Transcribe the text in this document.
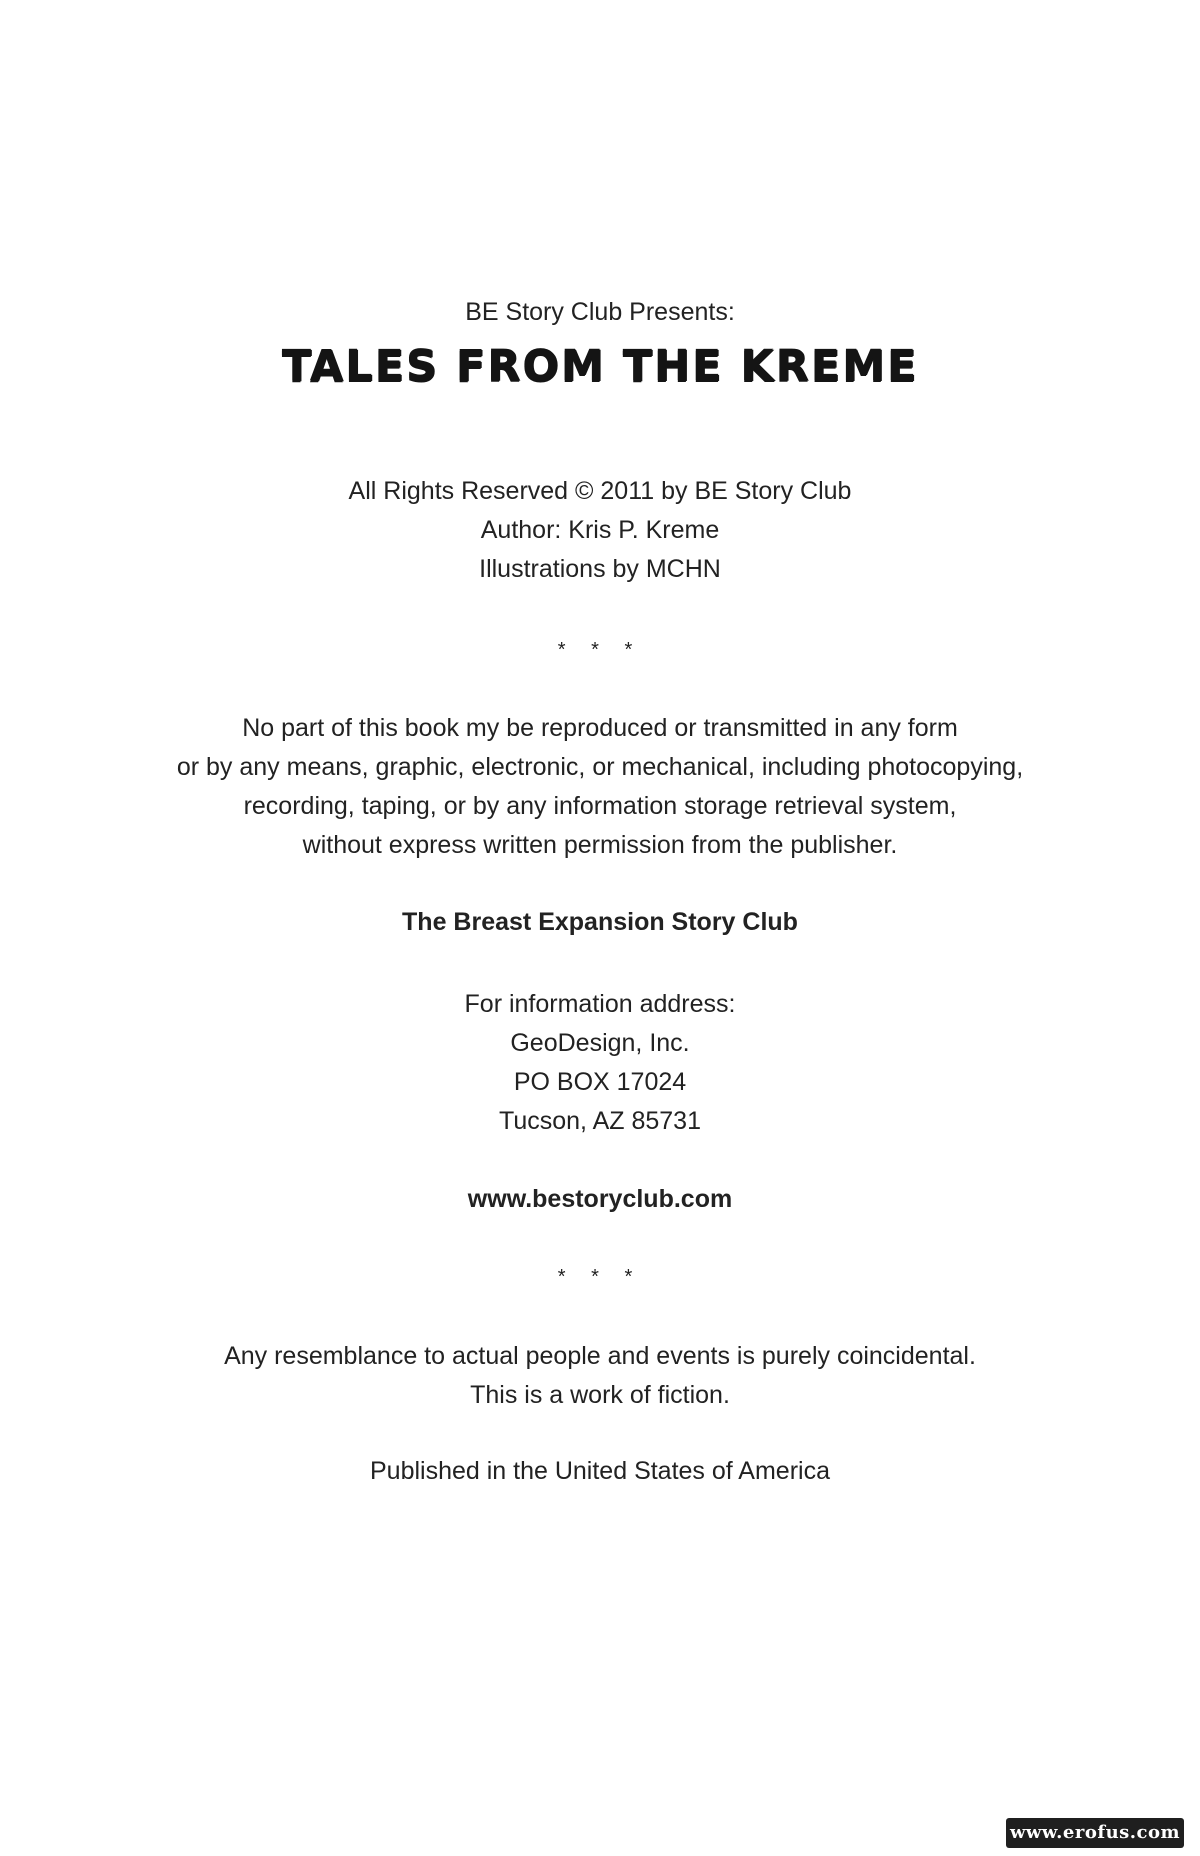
BE Story Club Presents:
TALES FROM THE KREME
All Rights Reserved © 2011 by BE Story Club
Author: Kris P. Kreme
Illustrations by MCHN
* * *
No part of this book my be reproduced or transmitted in any form
or by any means, graphic, electronic, or mechanical, including photocopying,
recording, taping, or by any information storage retrieval system,
without express written permission from the publisher.
The Breast Expansion Story Club
For information address:
GeoDesign, Inc.
PO BOX 17024
Tucson, AZ 85731
www.bestoryclub.com
* * *
Any resemblance to actual people and events is purely coincidental.
This is a work of fiction.
Published in the United States of America
www.erofus.com
